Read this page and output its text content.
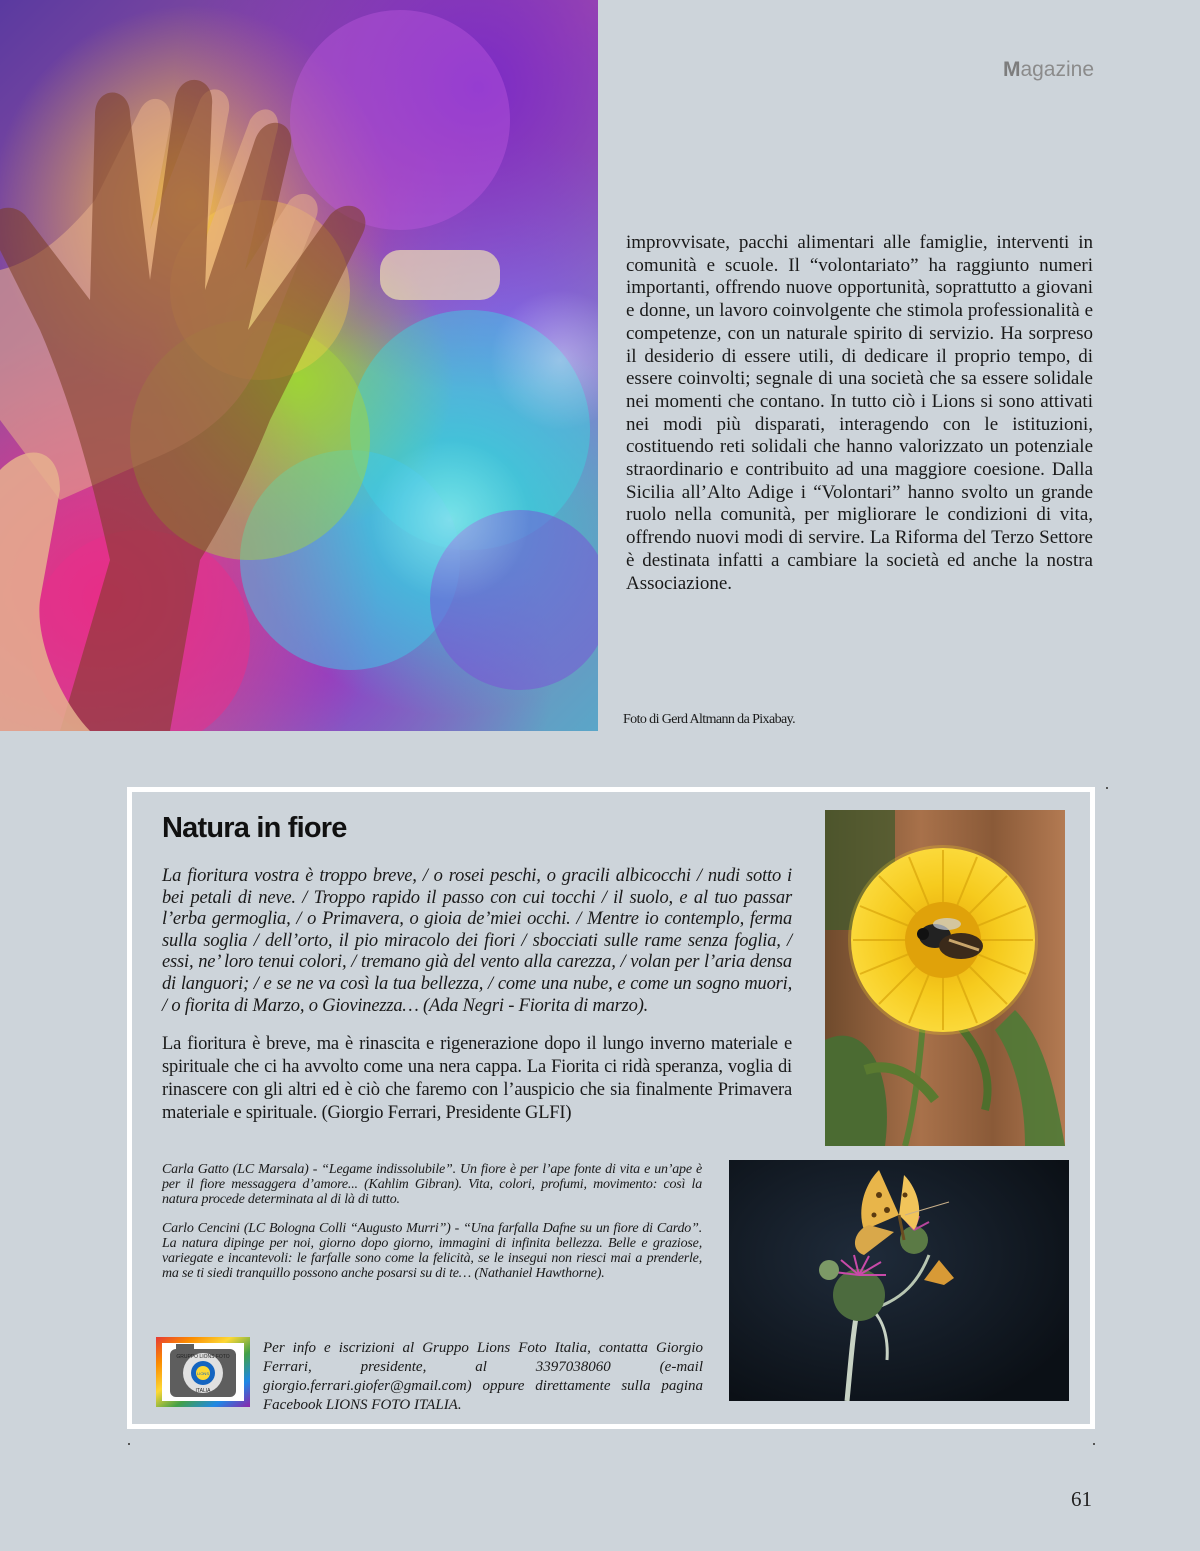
Magazine
improvvisate, pacchi alimentari alle famiglie, interventi in comunità e scuole. Il “volontariato” ha raggiunto numeri importanti, offrendo nuove opportunità, soprattutto a giovani e donne, un lavoro coinvolgente che stimola professionalità e competenze, con un naturale spirito di servizio. Ha sorpreso il desiderio di essere utili, di dedicare il proprio tempo, di essere coinvolti; segnale di una società che sa essere solidale nei momenti che contano. In tutto ciò i Lions si sono attivati nei modi più disparati, interagendo con le istituzioni, costituendo reti solidali che hanno valorizzato un potenziale straordinario e contribuito ad una maggiore coesione. Dalla Sicilia all’Alto Adige i “Volontari” hanno svolto un grande ruolo nella comunità, per migliorare le condizioni di vita, offrendo nuovi modi di servire. La Riforma del Terzo Settore è destinata infatti a cambiare la società ed anche la nostra Associazione.
Foto di Gerd Altmann da Pixabay.
Natura in fiore
La fioritura vostra è troppo breve, / o rosei peschi, o gracili albicocchi / nudi sotto i bei petali di neve. / Troppo rapido il passo con cui tocchi / il suolo, e al tuo passar l’erba germoglia, / o Primavera, o gioia de’miei occhi. / Mentre io contemplo, ferma sulla soglia / dell’orto, il pio miracolo dei fiori / sbocciati sulle rame senza foglia, / essi, ne’ loro tenui colori, / tremano già del vento alla carezza, / volan per l’aria densa di languori; / e se ne va così la tua bellezza, / come una nube, e come un sogno muori, / o fiorita di Marzo, o Giovinezza… (Ada Negri - Fiorita di marzo).
La fioritura è breve, ma è rinascita e rigenerazione dopo il lungo inverno materiale e spirituale che ci ha avvolto come una nera cappa. La Fiorita ci ridà speranza, voglia di rinascere con gli altri ed è ciò che faremo con l’auspicio che sia finalmente Primavera materiale e spirituale. (Giorgio Ferrari, Presidente GLFI)

Carla Gatto (LC Marsala) - “Legame indissolubile”. Un fiore è per l’ape fonte di vita e un’ape è per il fiore messaggera d’amore... (Kahlim Gibran). Vita, colori, profumi, movimento: così la natura procede determinata al di là di tutto.

Carlo Cencini (LC Bologna Colli “Augusto Murri”) - “Una farfalla Dafne su un fiore di Cardo”. La natura dipinge per noi, giorno dopo giorno, immagini di infinita bellezza. Belle e graziose, variegate e incantevoli: le farfalle sono come la felicità, se le insegui non riesci mai a prenderle, ma se ti siedi tranquillo possono anche posarsi su di te… (Nathaniel Hawthorne).

GRUPPO LIONS FOTO
ITALIA
LIONS
Per info e iscrizioni al Gruppo Lions Foto Italia, contatta Giorgio Ferrari, presidente, al 3397038060 (e-mail giorgio.ferrari.giofer@gmail.com) oppure direttamente sulla pagina Facebook LIONS FOTO ITALIA.
61
